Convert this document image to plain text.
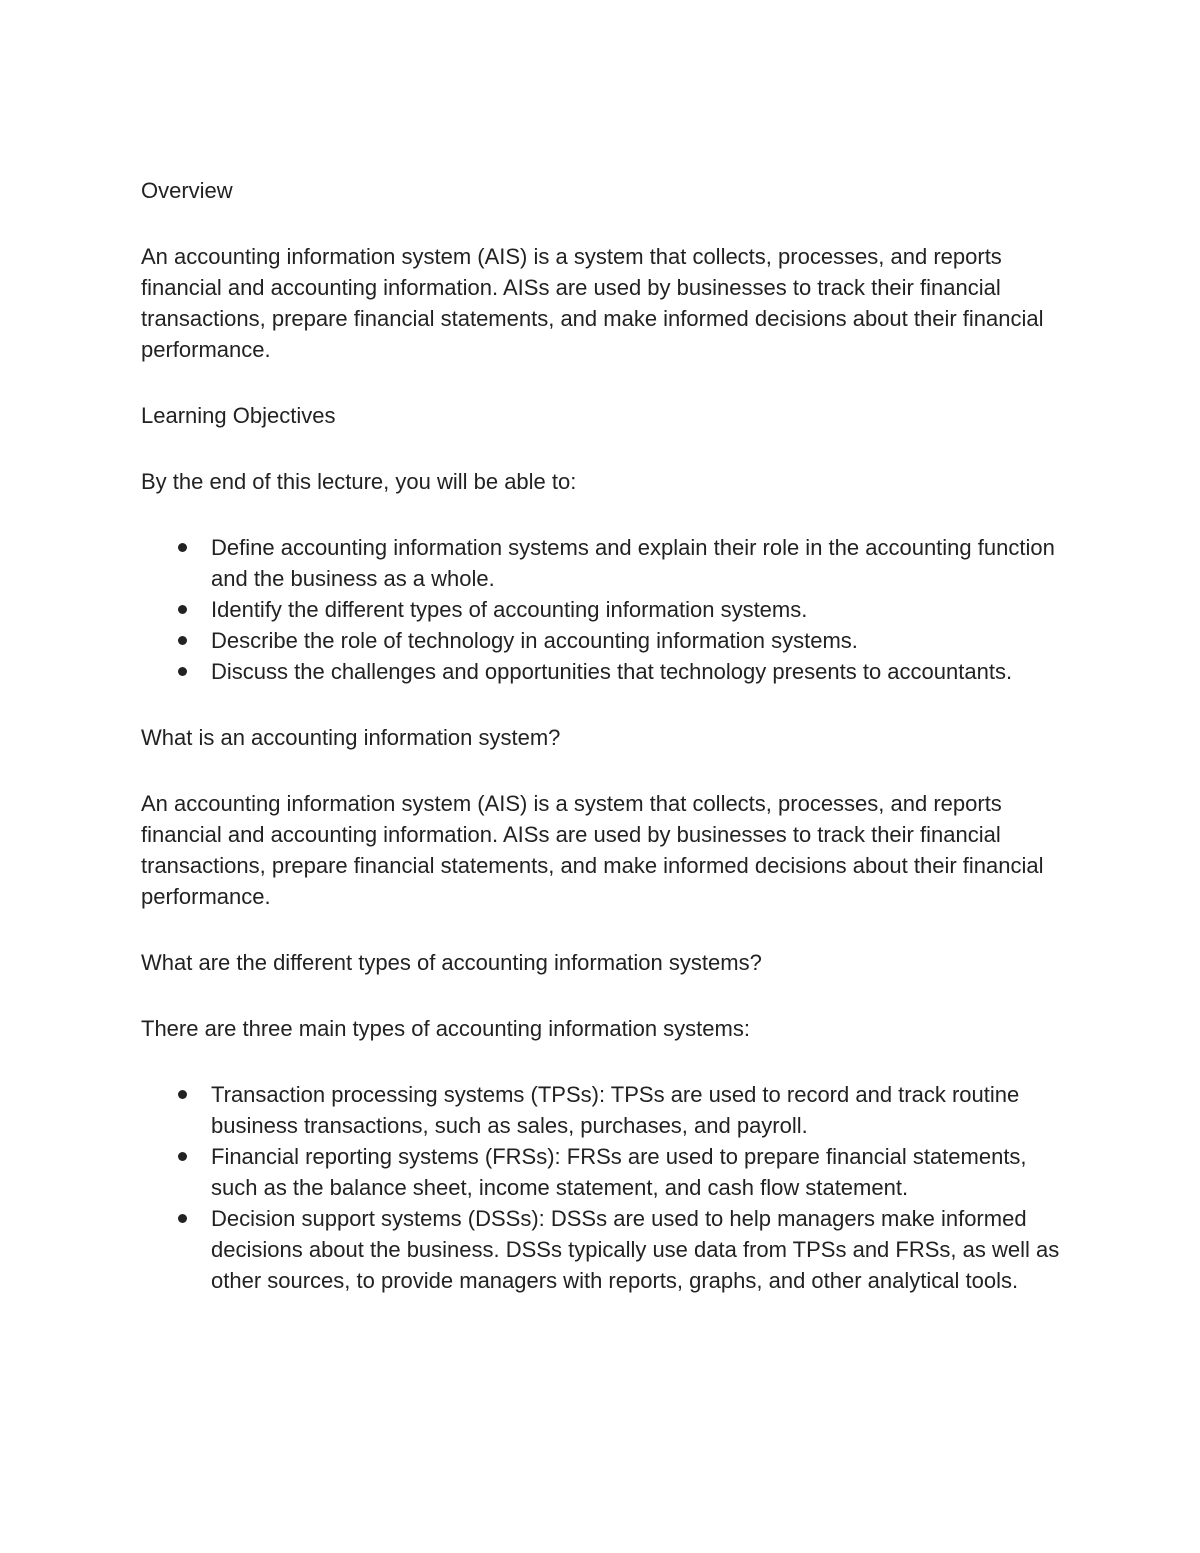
Overview

An accounting information system (AIS) is a system that collects, processes, and reports financial and accounting information. AISs are used by businesses to track their financial transactions, prepare financial statements, and make informed decisions about their financial performance.

Learning Objectives

By the end of this lecture, you will be able to:

Define accounting information systems and explain their role in the accounting function and the business as a whole.
Identify the different types of accounting information systems.
Describe the role of technology in accounting information systems.
Discuss the challenges and opportunities that technology presents to accountants.

What is an accounting information system?

An accounting information system (AIS) is a system that collects, processes, and reports financial and accounting information. AISs are used by businesses to track their financial transactions, prepare financial statements, and make informed decisions about their financial performance.

What are the different types of accounting information systems?

There are three main types of accounting information systems:

Transaction processing systems (TPSs): TPSs are used to record and track routine business transactions, such as sales, purchases, and payroll.
Financial reporting systems (FRSs): FRSs are used to prepare financial statements, such as the balance sheet, income statement, and cash flow statement.
Decision support systems (DSSs): DSSs are used to help managers make informed decisions about the business. DSSs typically use data from TPSs and FRSs, as well as other sources, to provide managers with reports, graphs, and other analytical tools.
